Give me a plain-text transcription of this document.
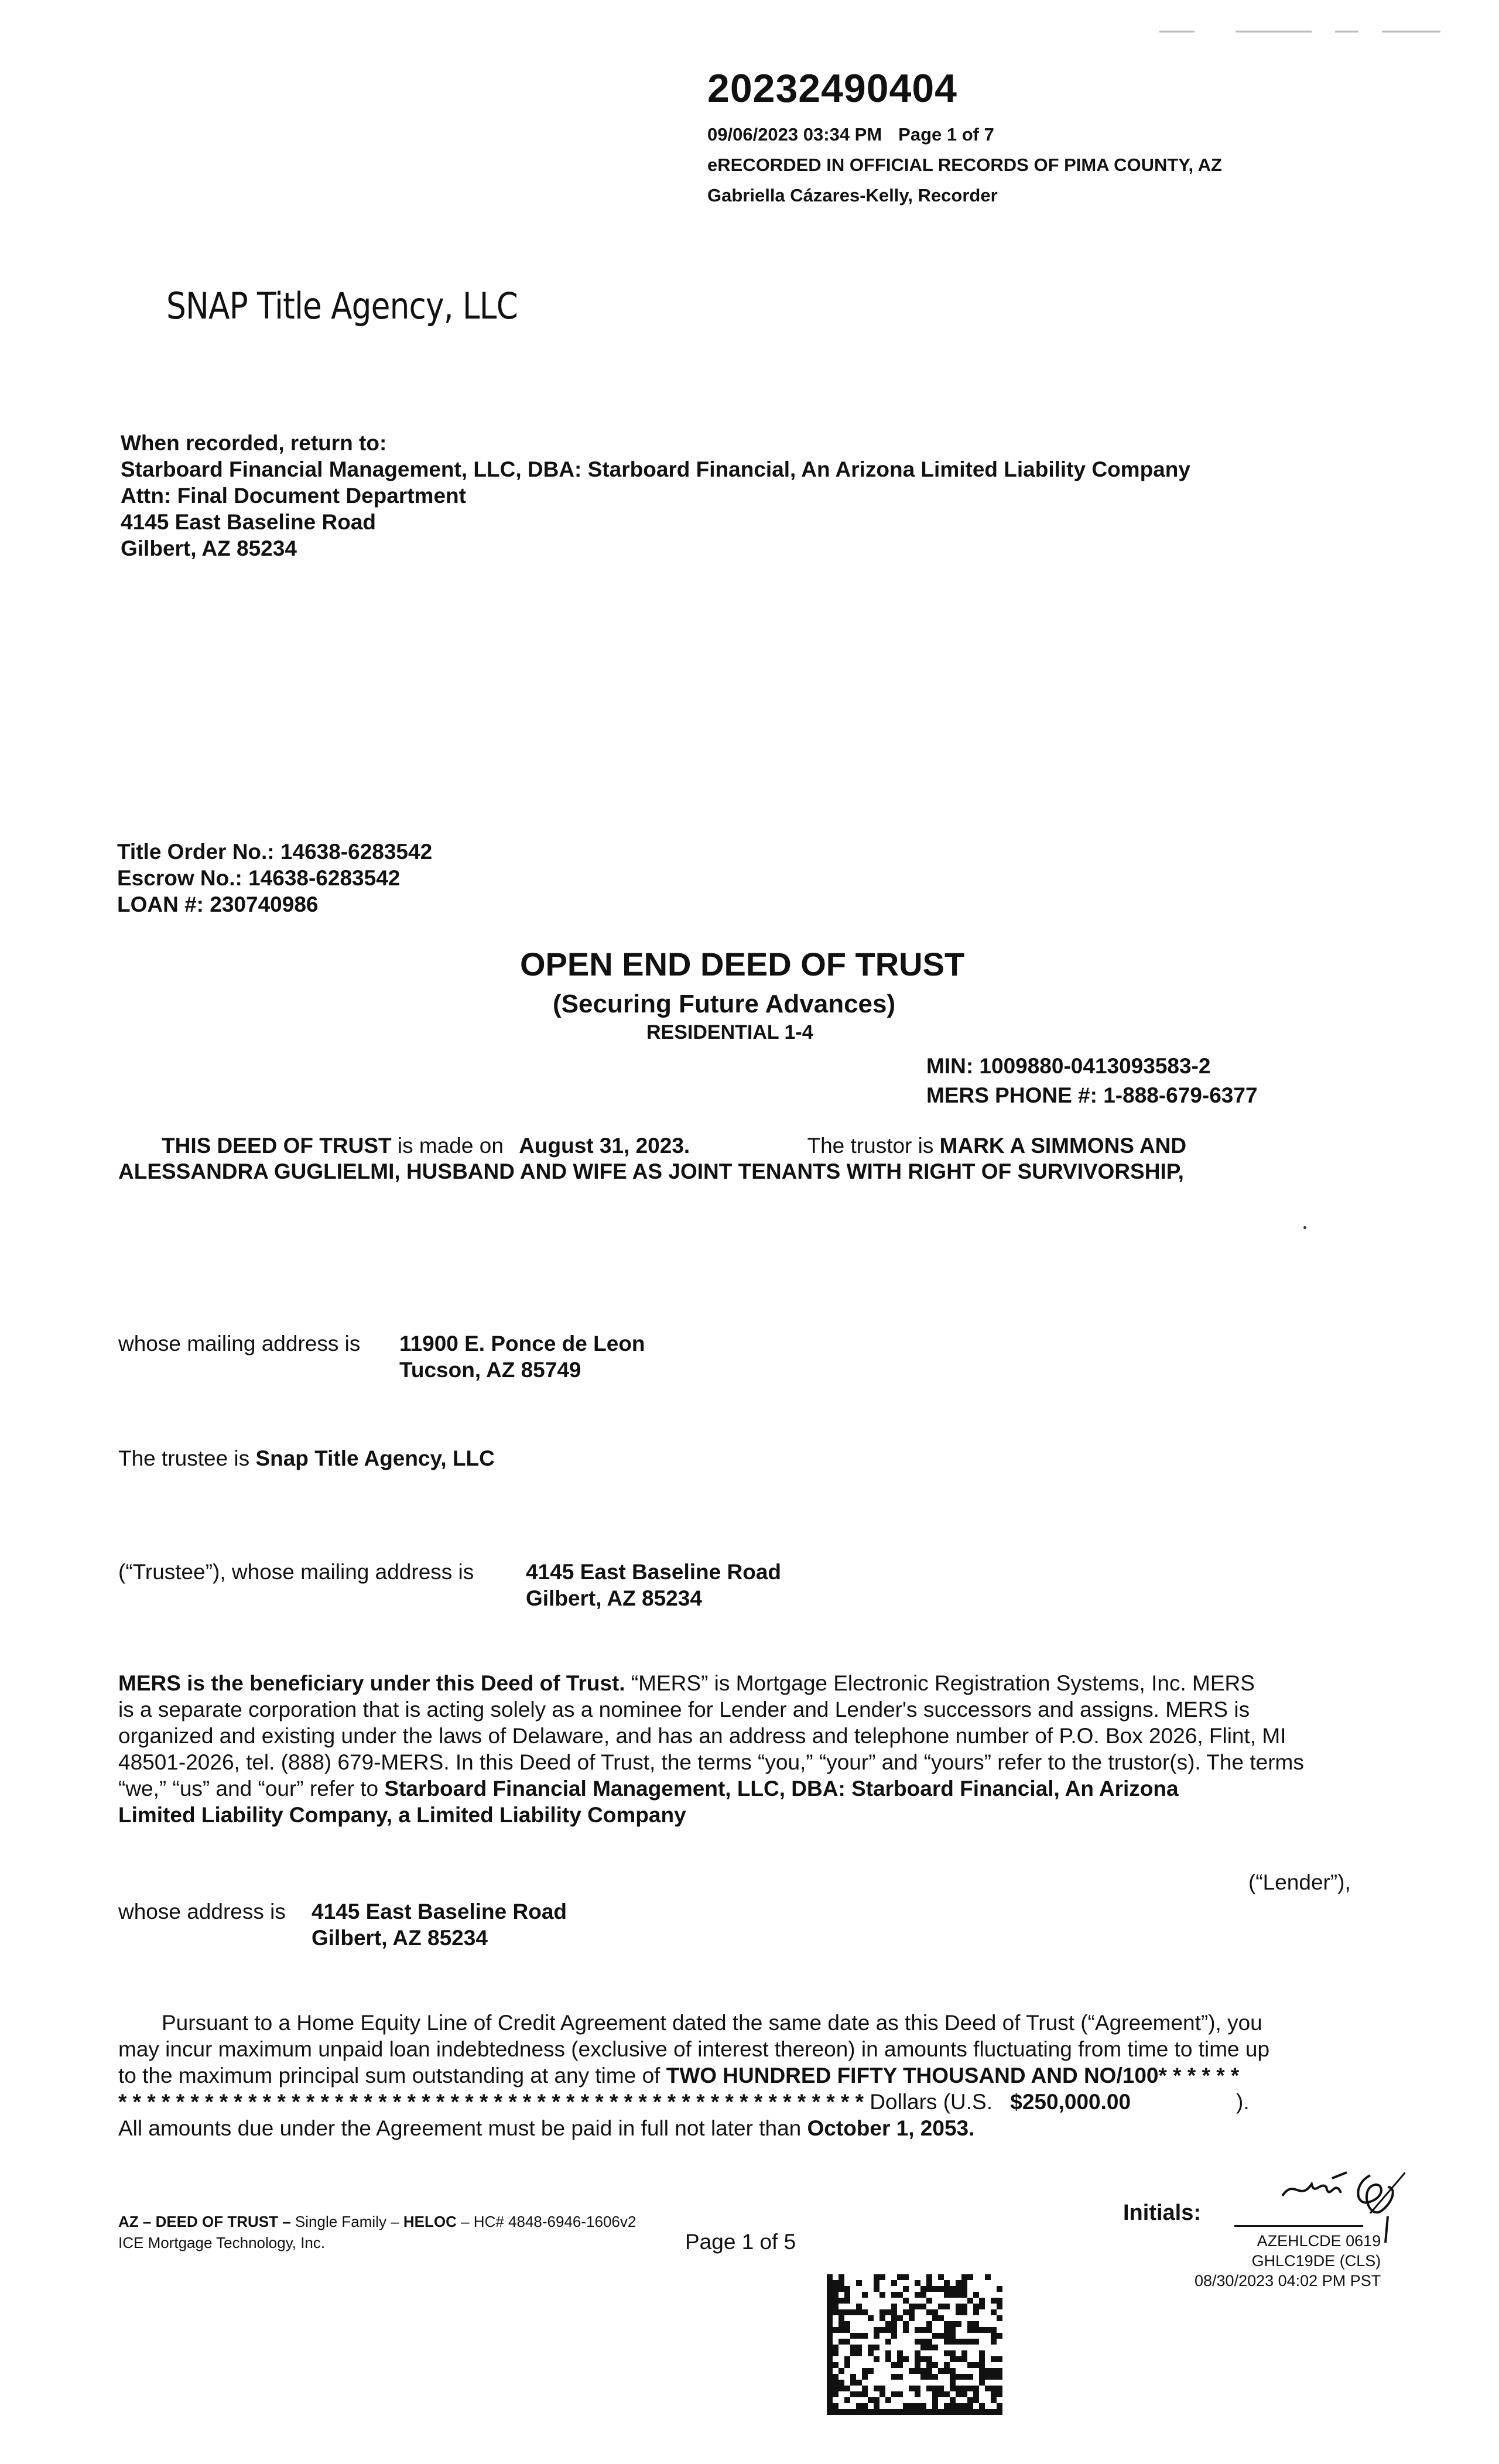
20232490404
09/06/2023 03:34 PM Page 1 of 7
eRECORDED IN OFFICIAL RECORDS OF PIMA COUNTY, AZ
Gabriella Cázares-Kelly, Recorder
SNAP Title Agency, LLC
When recorded, return to:
Starboard Financial Management, LLC, DBA: Starboard Financial, An Arizona Limited Liability Company
Attn: Final Document Department
4145 East Baseline Road
Gilbert, AZ 85234
Title Order No.: 14638-6283542
Escrow No.: 14638-6283542
LOAN #: 230740986
OPEN END DEED OF TRUST
(Securing Future Advances)
RESIDENTIAL 1-4
MIN: 1009880-0413093583-2
MERS PHONE #: 1-888-679-6377
THIS DEED OF TRUST is made on August 31, 2023.	The trustor is MARK A SIMMONS AND
ALESSANDRA GUGLIELMI, HUSBAND AND WIFE AS JOINT TENANTS WITH RIGHT OF SURVIVORSHIP,
whose mailing address is 11900 E. Ponce de Leon
Tucson, AZ 85749
The trustee is Snap Title Agency, LLC
(“Trustee”), whose mailing address is 4145 East Baseline Road
Gilbert, AZ 85234
MERS is the beneficiary under this Deed of Trust. “MERS” is Mortgage Electronic Registration Systems, Inc. MERS
is a separate corporation that is acting solely as a nominee for Lender and Lender's successors and assigns. MERS is
organized and existing under the laws of Delaware, and has an address and telephone number of P.O. Box 2026, Flint, MI
48501-2026, tel. (888) 679-MERS. In this Deed of Trust, the terms “you,” “your” and “yours” refer to the trustor(s). The terms
“we,” “us” and “our” refer to Starboard Financial Management, LLC, DBA: Starboard Financial, An Arizona
Limited Liability Company, a Limited Liability Company
(“Lender”),
whose address is 4145 East Baseline Road
Gilbert, AZ 85234
Pursuant to a Home Equity Line of Credit Agreement dated the same date as this Deed of Trust (“Agreement”), you
may incur maximum unpaid loan indebtedness (exclusive of interest thereon) in amounts fluctuating from time to time up
to the maximum principal sum outstanding at any time of TWO HUNDRED FIFTY THOUSAND AND NO/100* * * * * *
* * * * * * * * * * * * * * * * * * * * * * * * * * * * * * * * * * * * * * * * * * * * * * * * * * * * Dollars (U.S. $250,000.00	).
All amounts due under the Agreement must be paid in full not later than October 1, 2053.
AZ – DEED OF TRUST – Single Family – HELOC – HC# 4848-6946-1606v2
ICE Mortgage Technology, Inc.	Page 1 of 5
Initials:
AZEHLCDE 0619
GHLC19DE (CLS)
08/30/2023 04:02 PM PST
